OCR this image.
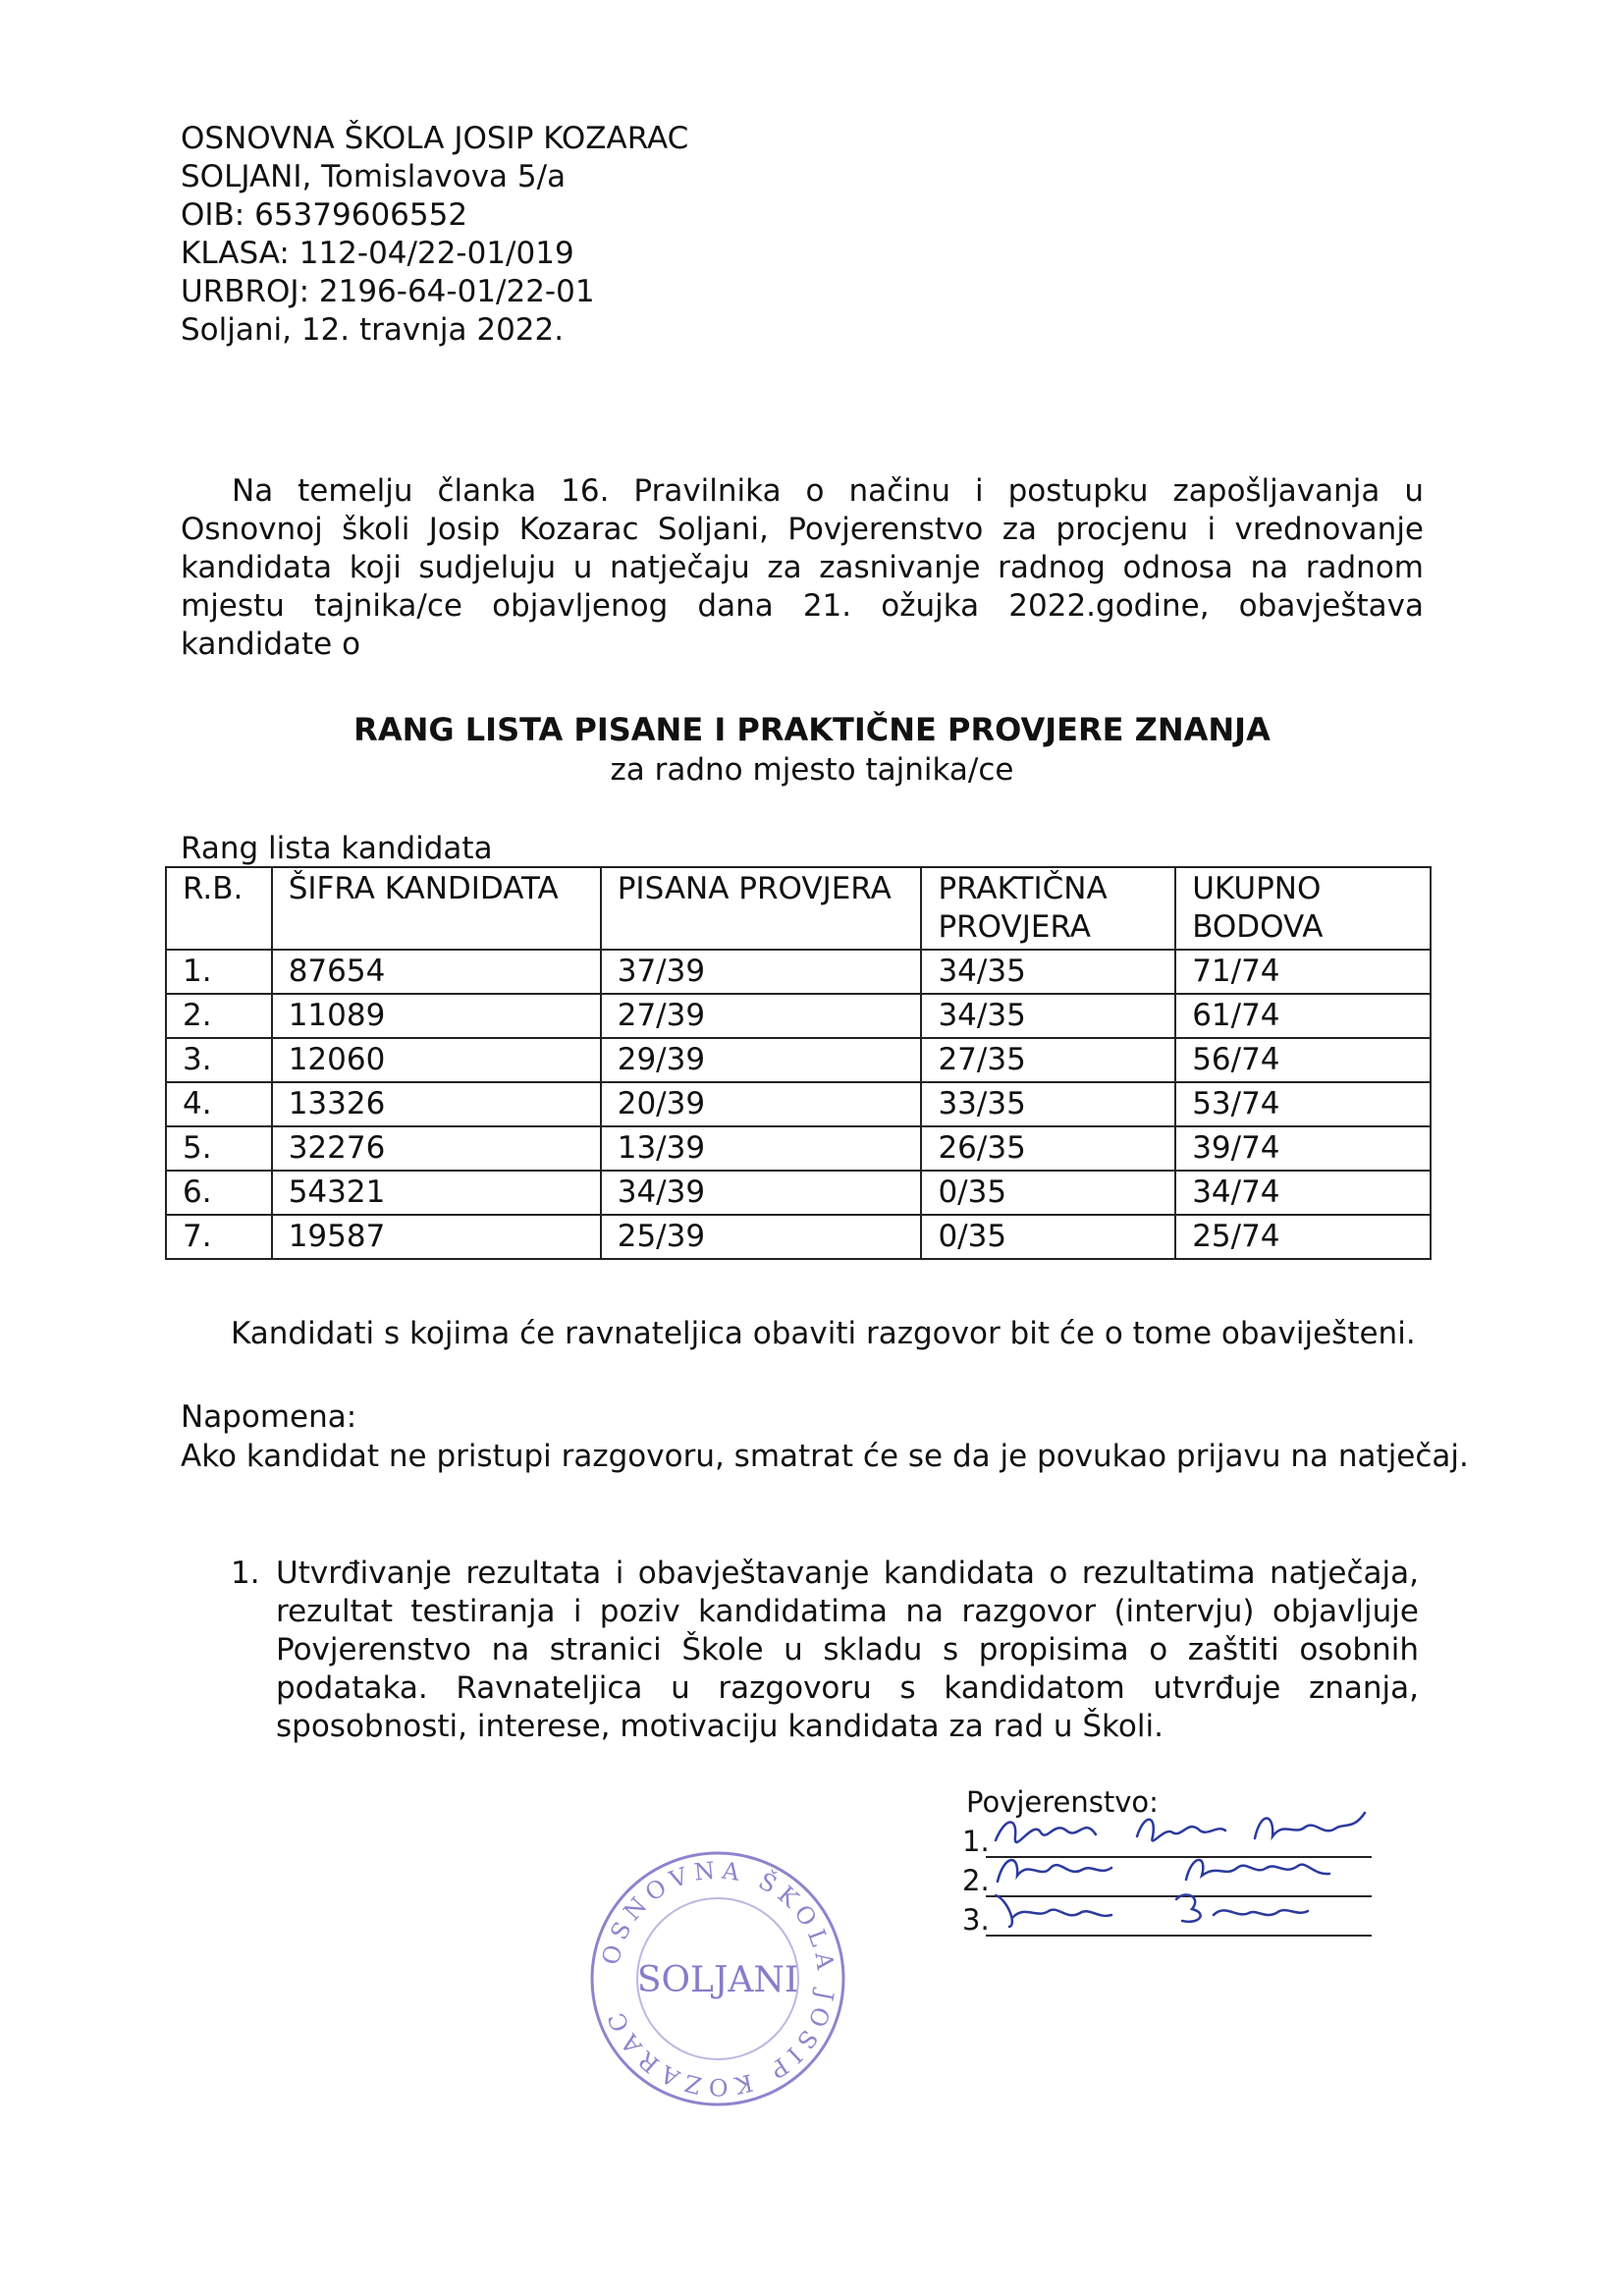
OSNOVNA ŠKOLA JOSIP KOZARAC
SOLJANI, Tomislavova 5/a
OIB: 65379606552
KLASA: 112-04/22-01/019
URBROJ: 2196-64-01/22-01
Soljani, 12. travnja 2022.
Na temelju članka 16. Pravilnika o načinu i postupku zapošljavanja u Osnovnoj školi Josip Kozarac Soljani, Povjerenstvo za procjenu i vrednovanje kandidata koji sudjeluju u natječaju za zasnivanje radnog odnosa na radnom mjestu tajnika/ce objavljenog dana 21. ožujka 2022.godine, obavještava kandidate o
RANG LISTA PISANE I PRAKTIČNE PROVJERE ZNANJA
za radno mjesto tajnika/ce
Rang lista kandidata
R.B.	ŠIFRA KANDIDATA	PISANA PROVJERA	PRAKTIČNA PROVJERA	UKUPNO BODOVA
1.	87654	37/39	34/35	71/74
2.	11089	27/39	34/35	61/74
3.	12060	29/39	27/35	56/74
4.	13326	20/39	33/35	53/74
5.	32276	13/39	26/35	39/74
6.	54321	34/39	0/35	34/74
7.	19587	25/39	0/35	25/74
Kandidati s kojima će ravnateljica obaviti razgovor bit će o tome obaviješteni.
Napomena:
Ako kandidat ne pristupi razgovoru, smatrat će se da je povukao prijavu na natječaj.
1. Utvrđivanje rezultata i obavještavanje kandidata o rezultatima natječaja, rezultat testiranja i poziv kandidatima na razgovor (intervju) objavljuje Povjerenstvo na stranici Škole u skladu s propisima o zaštiti osobnih podataka. Ravnateljica u razgovoru s kandidatom utvrđuje znanja, sposobnosti, interese, motivaciju kandidata za rad u Školi.
Povjerenstvo:
1.
2.
3.
OSNOVNA ŠKOLA JOSIP KOZARAC
SOLJANI
